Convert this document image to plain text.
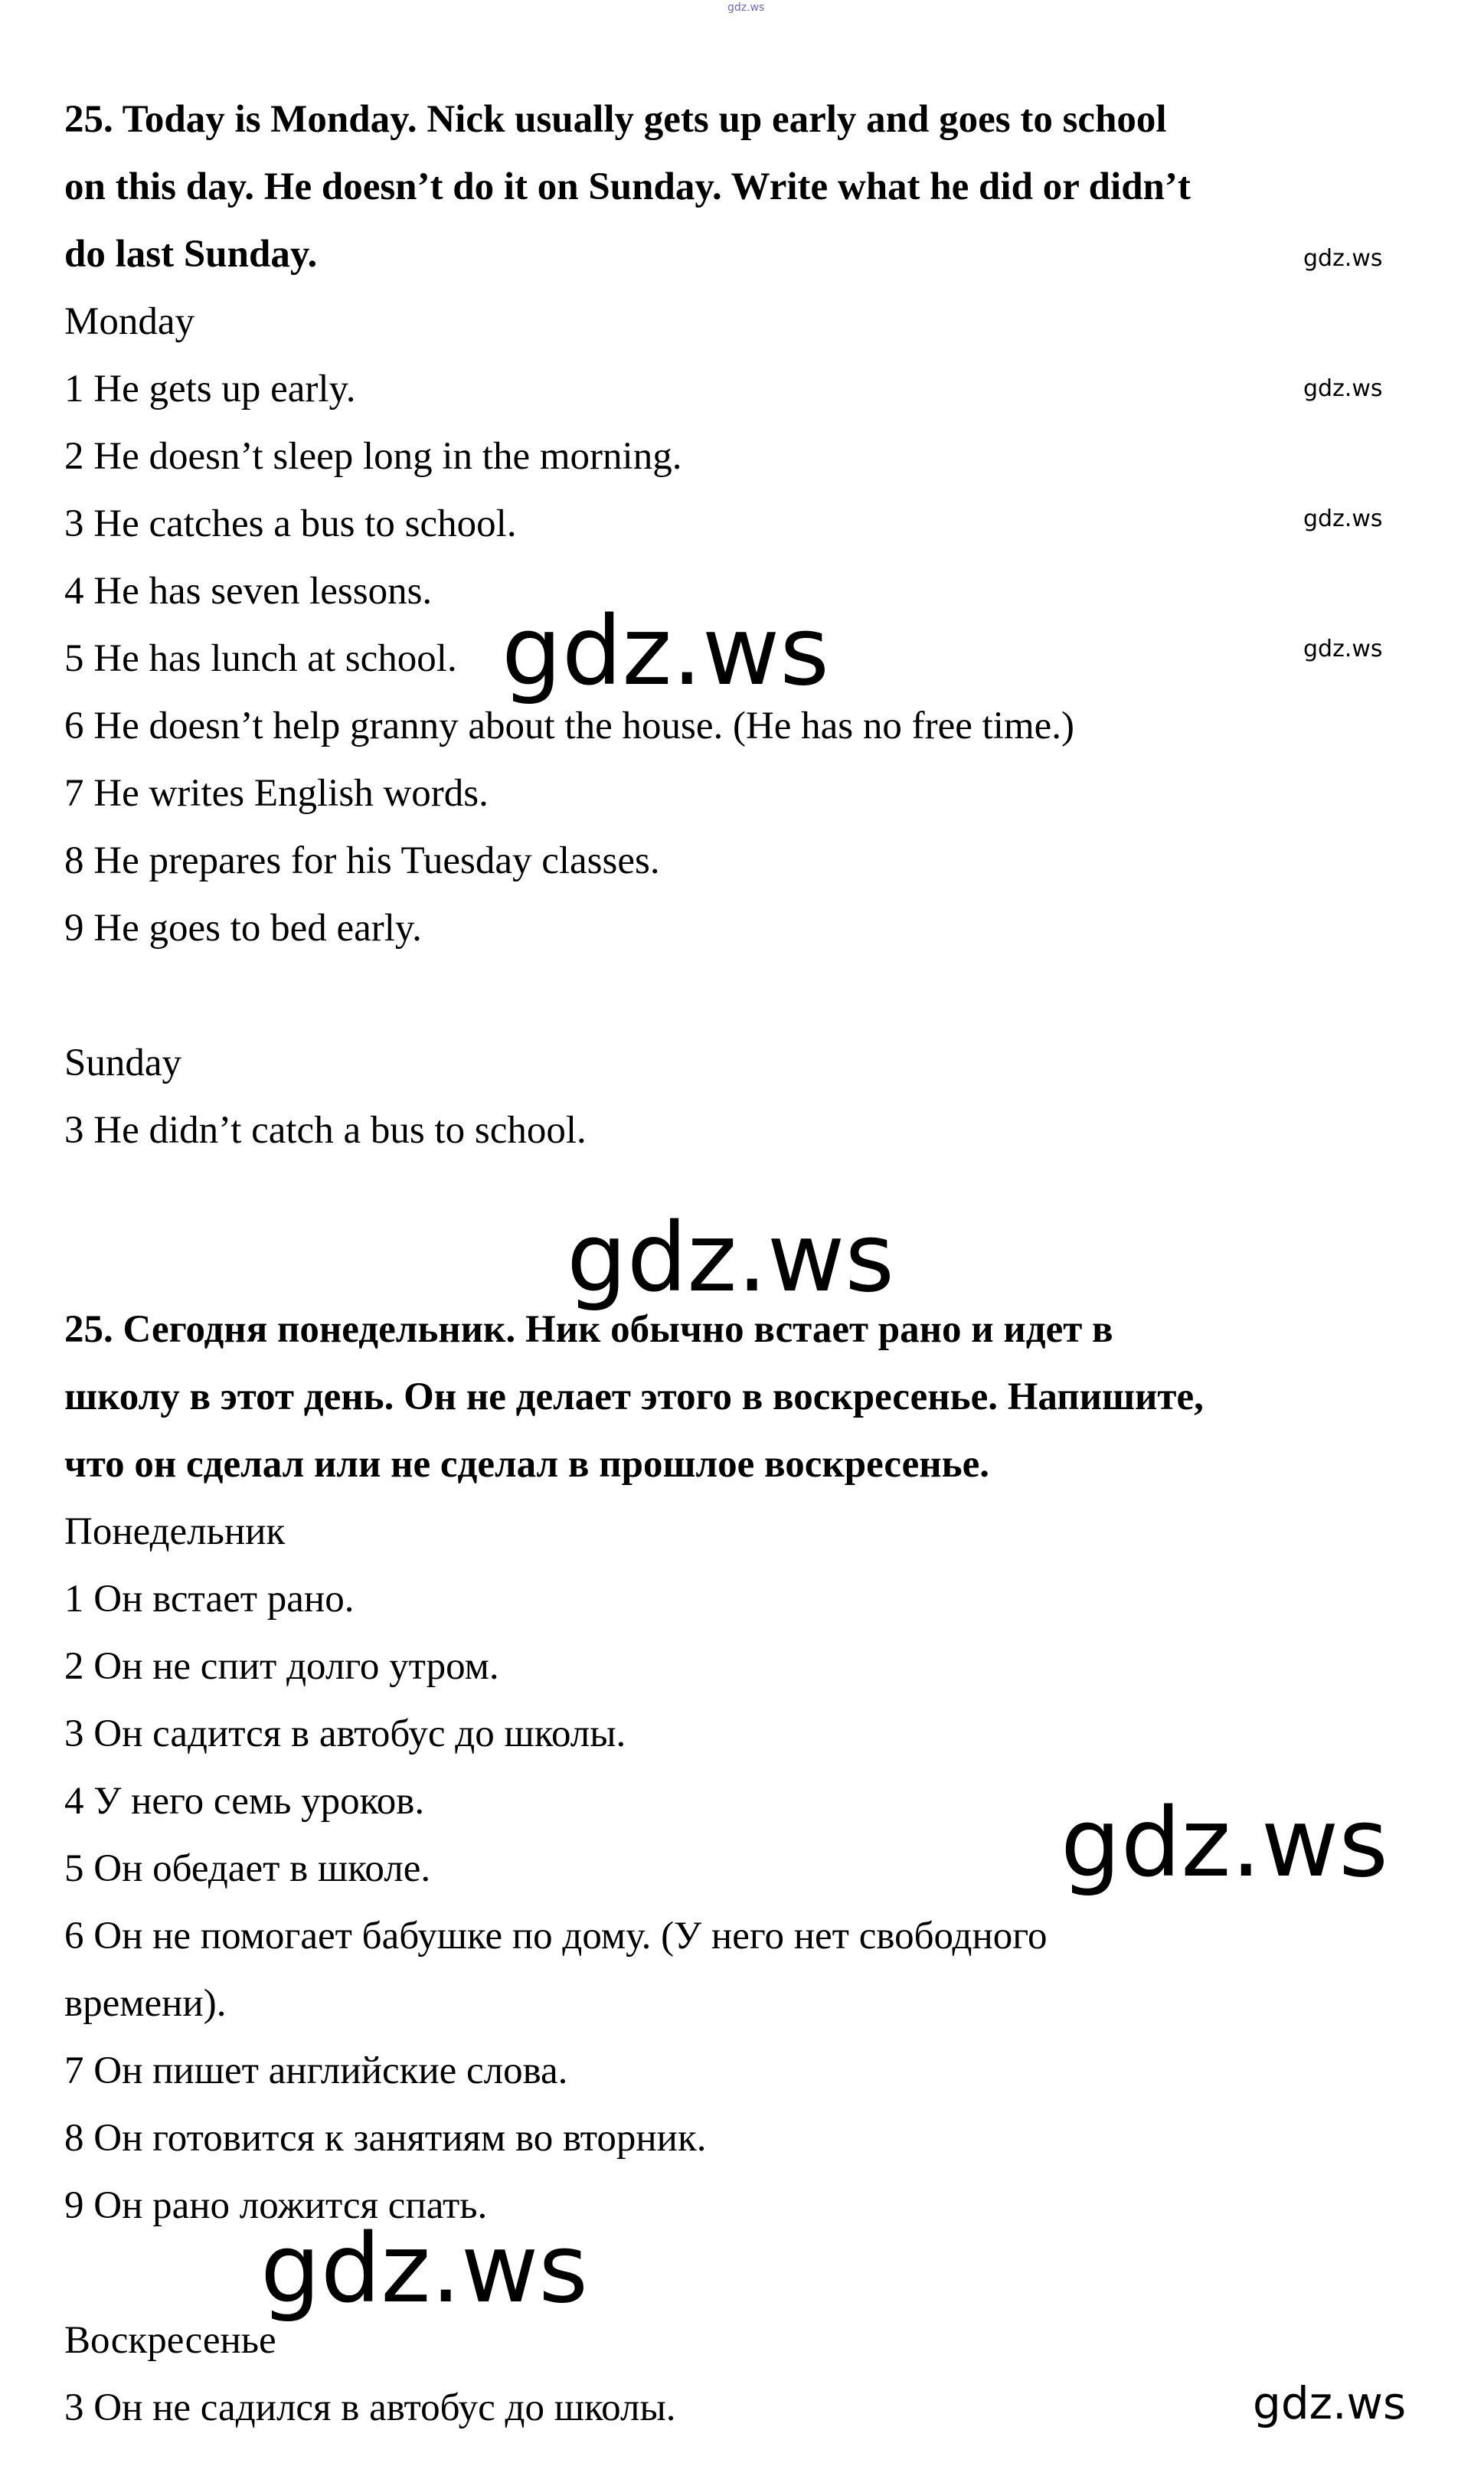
gdz.ws
25. Today is Monday. Nick usually gets up early and goes to school
on this day. He doesn’t do it on Sunday. Write what he did or didn’t
do last Sunday.
Monday
1 He gets up early.
2 He doesn’t sleep long in the morning.
3 He catches a bus to school.
4 He has seven lessons.
5 He has lunch at school.
6 He doesn’t help granny about the house. (He has no free time.)
7 He writes English words.
8 He prepares for his Tuesday classes.
9 He goes to bed early.
Sunday
3 He didn’t catch a bus to school.
25. Сегодня понедельник. Ник обычно встает рано и идет в
школу в этот день. Он не делает этого в воскресенье. Напишите,
что он сделал или не сделал в прошлое воскресенье.
Понедельник
1 Он встает рано.
2 Он не спит долго утром.
3 Он садится в автобус до школы.
4 У него семь уроков.
5 Он обедает в школе.
6 Он не помогает бабушке по дому. (У него нет свободного
времени).
7 Он пишет английские слова.
8 Он готовится к занятиям во вторник.
9 Он рано ложится спать.
Воскресенье
3 Он не садился в автобус до школы.
gdz.ws
gdz.ws
gdz.ws
gdz.ws
gdz.ws
gdz.ws
gdz.ws
gdz.ws
gdz.ws
